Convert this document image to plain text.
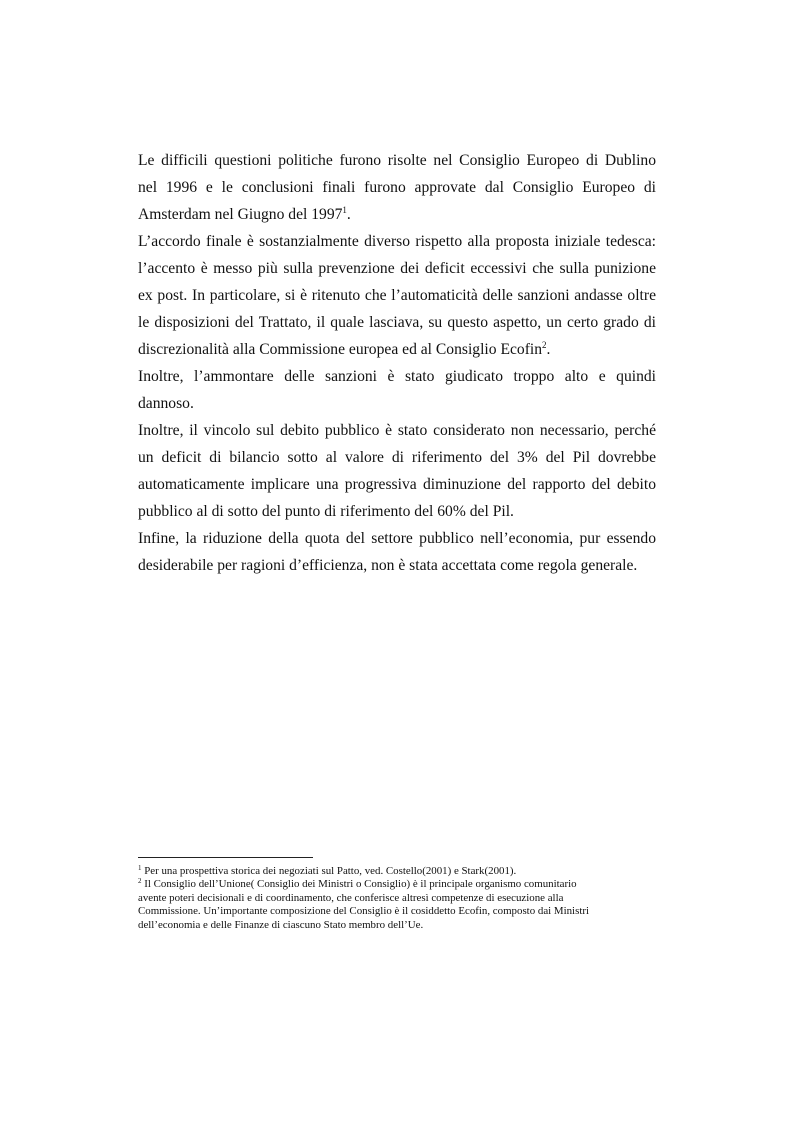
Le difficili questioni politiche furono risolte nel Consiglio Europeo di Dublino
nel 1996 e le conclusioni finali furono approvate dal Consiglio Europeo di
Amsterdam nel Giugno del 1997$^1$.
L’accordo finale è sostanzialmente diverso rispetto alla proposta iniziale tedesca:
l’accento è messo più sulla prevenzione dei deficit eccessivi che sulla punizione
ex post. In particolare, si è ritenuto che l’automaticità delle sanzioni andasse oltre
le disposizioni del Trattato, il quale lasciava, su questo aspetto, un certo grado di
discrezionalità alla Commissione europea ed al Consiglio Ecofin$^2$.
Inoltre, l’ammontare delle sanzioni è stato giudicato troppo alto e quindi
dannoso.
Inoltre, il vincolo sul debito pubblico è stato considerato non necessario, perché
un deficit di bilancio sotto al valore di riferimento del 3% del Pil dovrebbe
automaticamente implicare una progressiva diminuzione del rapporto del debito
pubblico al di sotto del punto di riferimento del 60% del Pil.
Infine, la riduzione della quota del settore pubblico nell’economia, pur essendo
desiderabile per ragioni d’efficienza, non è stata accettata come regola generale.
$^1$ Per una prospettiva storica dei negoziati sul Patto, ved. Costello(2001) e Stark(2001).
$^2$ Il Consiglio dell’Unione( Consiglio dei Ministri o Consiglio) è il principale organismo comunitario
avente poteri decisionali e di coordinamento, che conferisce altresì competenze di esecuzione alla
Commissione. Un’importante composizione del Consiglio è il cosiddetto Ecofin, composto dai Ministri
dell’economia e delle Finanze di ciascuno Stato membro dell’Ue.
